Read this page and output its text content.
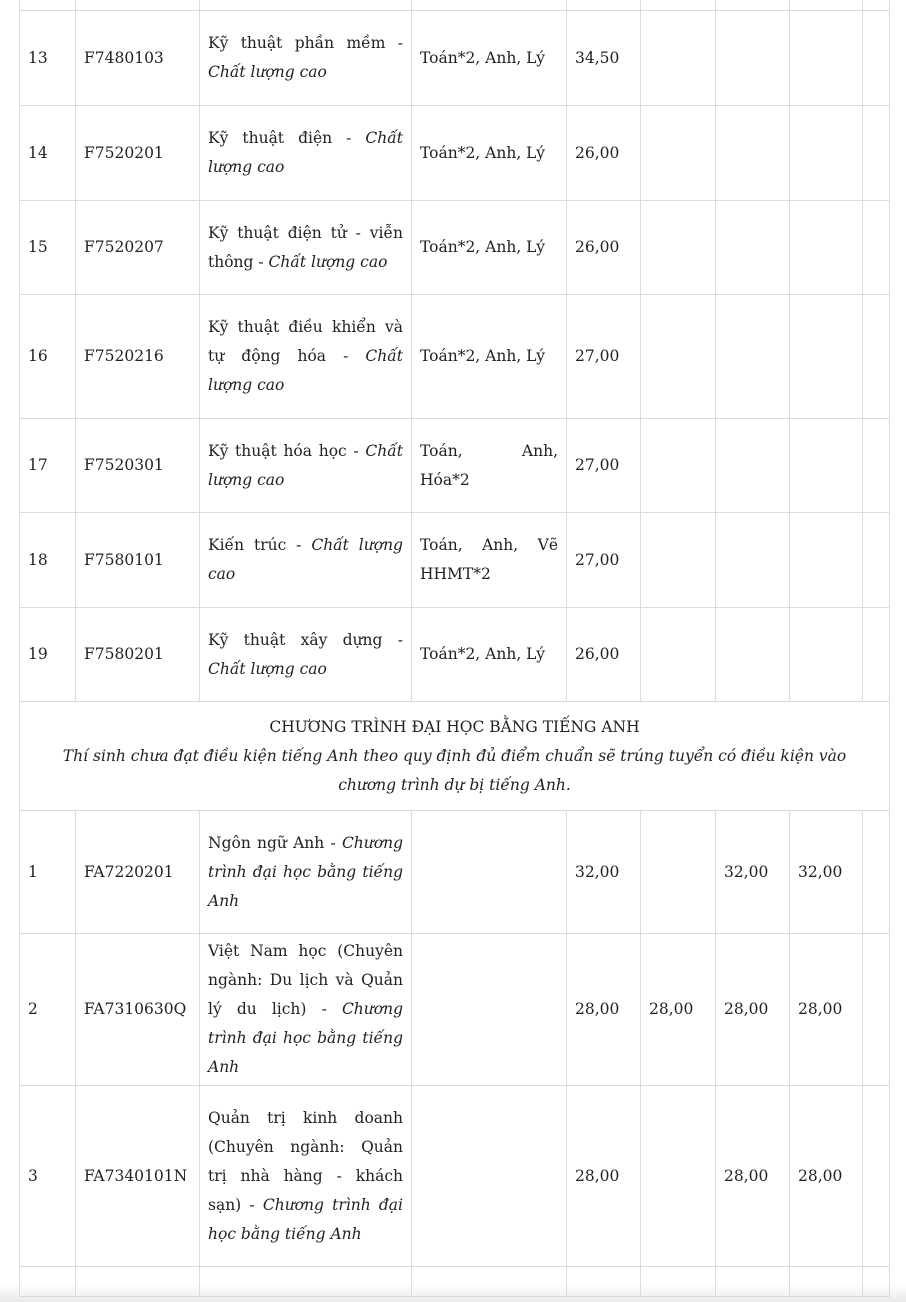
13	F7480103	Kỹ thuật phần mềm - Chất lượng cao	Toán*2, Anh, Lý	34,50				
14	F7520201	Kỹ thuật điện - Chất lượng cao	Toán*2, Anh, Lý	26,00				
15	F7520207	Kỹ thuật điện tử - viễn thông - Chất lượng cao	Toán*2, Anh, Lý	26,00				
16	F7520216	Kỹ thuật điều khiển và tự động hóa - Chất lượng cao	Toán*2, Anh, Lý	27,00				
17	F7520301	Kỹ thuật hóa học - Chất lượng cao	Toán, Anh, Hóa*2	27,00				
18	F7580101	Kiến trúc - Chất lượng cao	Toán, Anh, Vẽ HHMT*2	27,00				
19	F7580201	Kỹ thuật xây dựng - Chất lượng cao	Toán*2, Anh, Lý	26,00				

CHƯƠNG TRÌNH ĐẠI HỌC BẰNG TIẾNG ANH
Thí sinh chưa đạt điều kiện tiếng Anh theo quy định đủ điểm chuẩn sẽ trúng tuyển có điều kiện vào chương trình dự bị tiếng Anh.								

1	FA7220201	Ngôn ngữ Anh - Chương trình đại học bằng tiếng Anh		32,00		32,00	32,00	
2	FA7310630Q	Việt Nam học (Chuyên ngành: Du lịch và Quản lý du lịch) - Chương trình đại học bằng tiếng Anh		28,00	28,00	28,00	28,00	
3	FA7340101N	Quản trị kinh doanh (Chuyên ngành: Quản trị nhà hàng - khách sạn) - Chương trình đại học bằng tiếng Anh		28,00		28,00	28,00	
